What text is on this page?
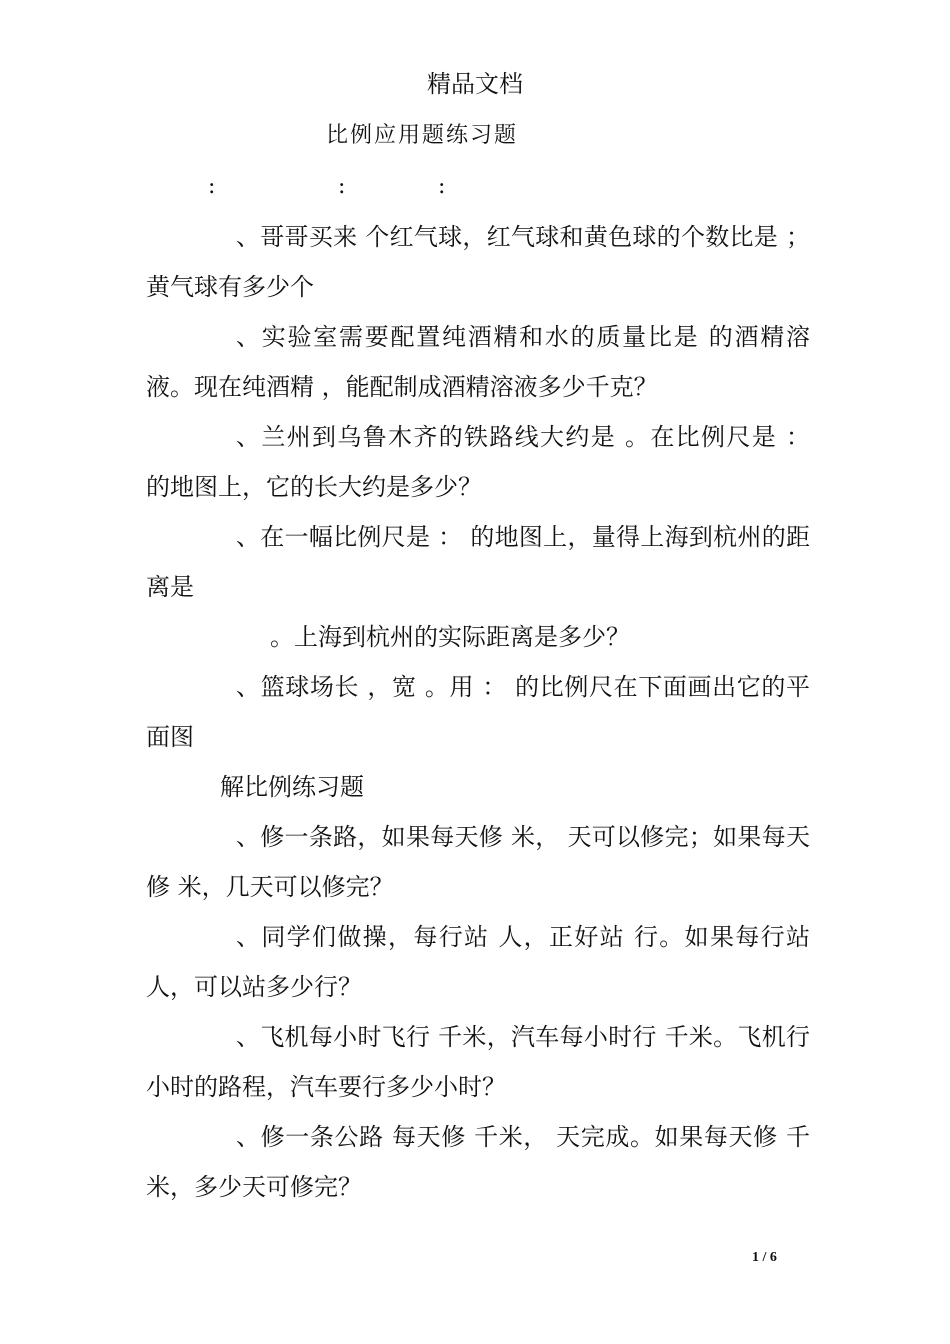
精品文档
比例应用题练习题
:	:	:

、哥哥买来 个红气球，红气球和黄色球的个数比是 ； 黄气球有多少个

、实验室需要配置纯酒精和水的质量比是 的酒精溶液。现在纯酒精 ，能配制成酒精溶液多少千克？

、兰州到乌鲁木齐的铁路线大约是 。在比例尺是 ： 的地图上，它的长大约是多少？

、在一幅比例尺是 ： 的地图上，量得上海到杭州的距离是

。上海到杭州的实际距离是多少？

、篮球场长 ，宽 。用 ： 的比例尺在下面画出它的平面图

解比例练习题

、修一条路，如果每天修 米， 天可以修完；如果每天修 米，几天可以修完？

、同学们做操，每行站 人，正好站 行。如果每行站 人，可以站多少行？

、飞机每小时飞行 千米，汽车每小时行 千米。飞机行 小时的路程，汽车要行多少小时？

、修一条公路 每天修 千米， 天完成。如果每天修 千米，多少天可修完？

1 / 6
